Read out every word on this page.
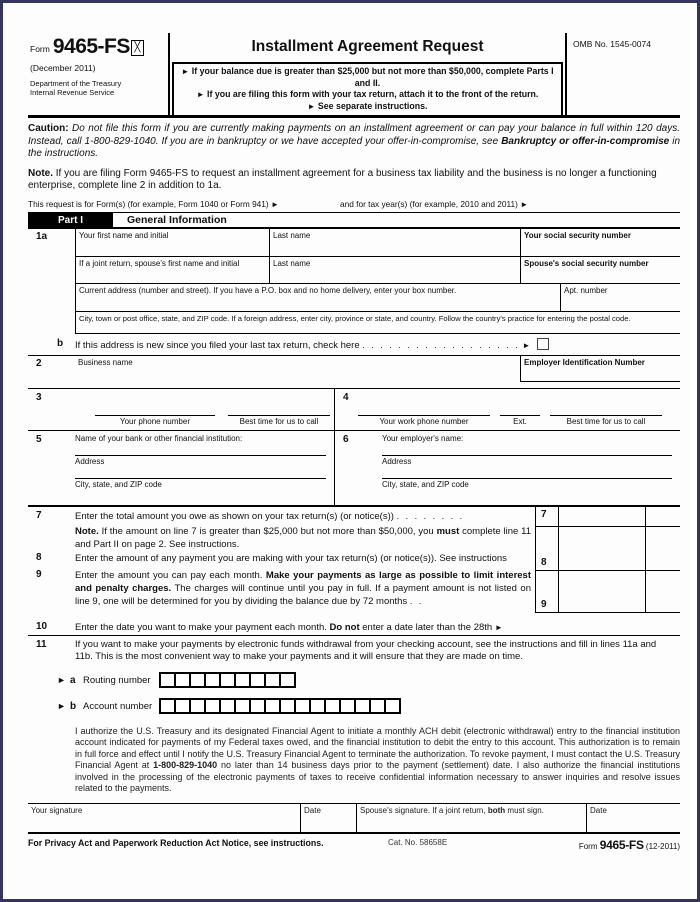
Form 9465-FS ╳
(December 2011)
Department of the Treasury
Internal Revenue Service
Installment Agreement Request
► If your balance due is greater than $25,000 but not more than $50,000, complete Parts I and II.
► If you are filing this form with your tax return, attach it to the front of the return.
► See separate instructions.
OMB No. 1545-0074
Caution: Do not file this form if you are currently making payments on an installment agreement or can pay your balance in full within 120 days. Instead, call 1-800-829-1040. If you are in bankruptcy or we have accepted your offer-in-compromise, see Bankruptcy or offer-in-compromise in the instructions.
Note. If you are filing Form 9465-FS to request an installment agreement for a business tax liability and the business is no longer a functioning enterprise, complete line 2 in addition to 1a.
This request is for Form(s) (for example, Form 1040 or Form 941) ►	and for tax year(s) (for example, 2010 and 2011) ►
Part I	General Information
1a	Your first name and initial	Last name	Your social security number
If a joint return, spouse's first name and initial	Last name	Spouse's social security number
Current address (number and street). If you have a P.O. box and no home delivery, enter your box number.	Apt. number
City, town or post office, state, and ZIP code. If a foreign address, enter city, province or state, and country. Follow the country's practice for entering the postal code.
b	If this address is new since you filed your last tax return, check here . . . . . . . . . . . . . . . . . . ►
2	Business name	Employer Identification Number
3
Your phone number	Best time for us to call
4
Your work phone number	Ext.	Best time for us to call
5	Name of your bank or other financial institution:
Address
City, state, and ZIP code
6	Your employer's name:
Address
City, state, and ZIP code
7	Enter the total amount you owe as shown on your tax return(s) (or notice(s)) . . . . . . . .
Note. If the amount on line 7 is greater than $25,000 but not more than $50,000, you must complete line 11 and Part II on page 2. See instructions.
8	Enter the amount of any payment you are making with your tax return(s) (or notice(s)). See instructions
9	Enter the amount you can pay each month. Make your payments as large as possible to limit interest and penalty charges. The charges will continue until you pay in full. If a payment amount is not listed on line 9, one will be determined for you by dividing the balance due by 72 months . .
7
8
9
10	Enter the date you want to make your payment each month. Do not enter a date later than the 28th ►
11	If you want to make your payments by electronic funds withdrawal from your checking account, see the instructions and fill in lines 11a and 11b. This is the most convenient way to make your payments and it will ensure that they are made on time.
► a Routing number
► b Account number
I authorize the U.S. Treasury and its designated Financial Agent to initiate a monthly ACH debit (electronic withdrawal) entry to the financial institution account indicated for payments of my Federal taxes owed, and the financial institution to debit the entry to this account. This authorization is to remain in full force and effect until I notify the U.S. Treasury Financial Agent to terminate the authorization. To revoke payment, I must contact the U.S. Treasury Financial Agent at 1-800-829-1040 no later than 14 business days prior to the payment (settlement) date. I also authorize the financial institutions involved in the processing of the electronic payments of taxes to receive confidential information necessary to answer inquiries and resolve issues related to the payments.
Your signature	Date	Spouse's signature. If a joint return, both must sign.	Date
For Privacy Act and Paperwork Reduction Act Notice, see instructions.	Cat. No. 58658E	Form 9465-FS (12-2011)
